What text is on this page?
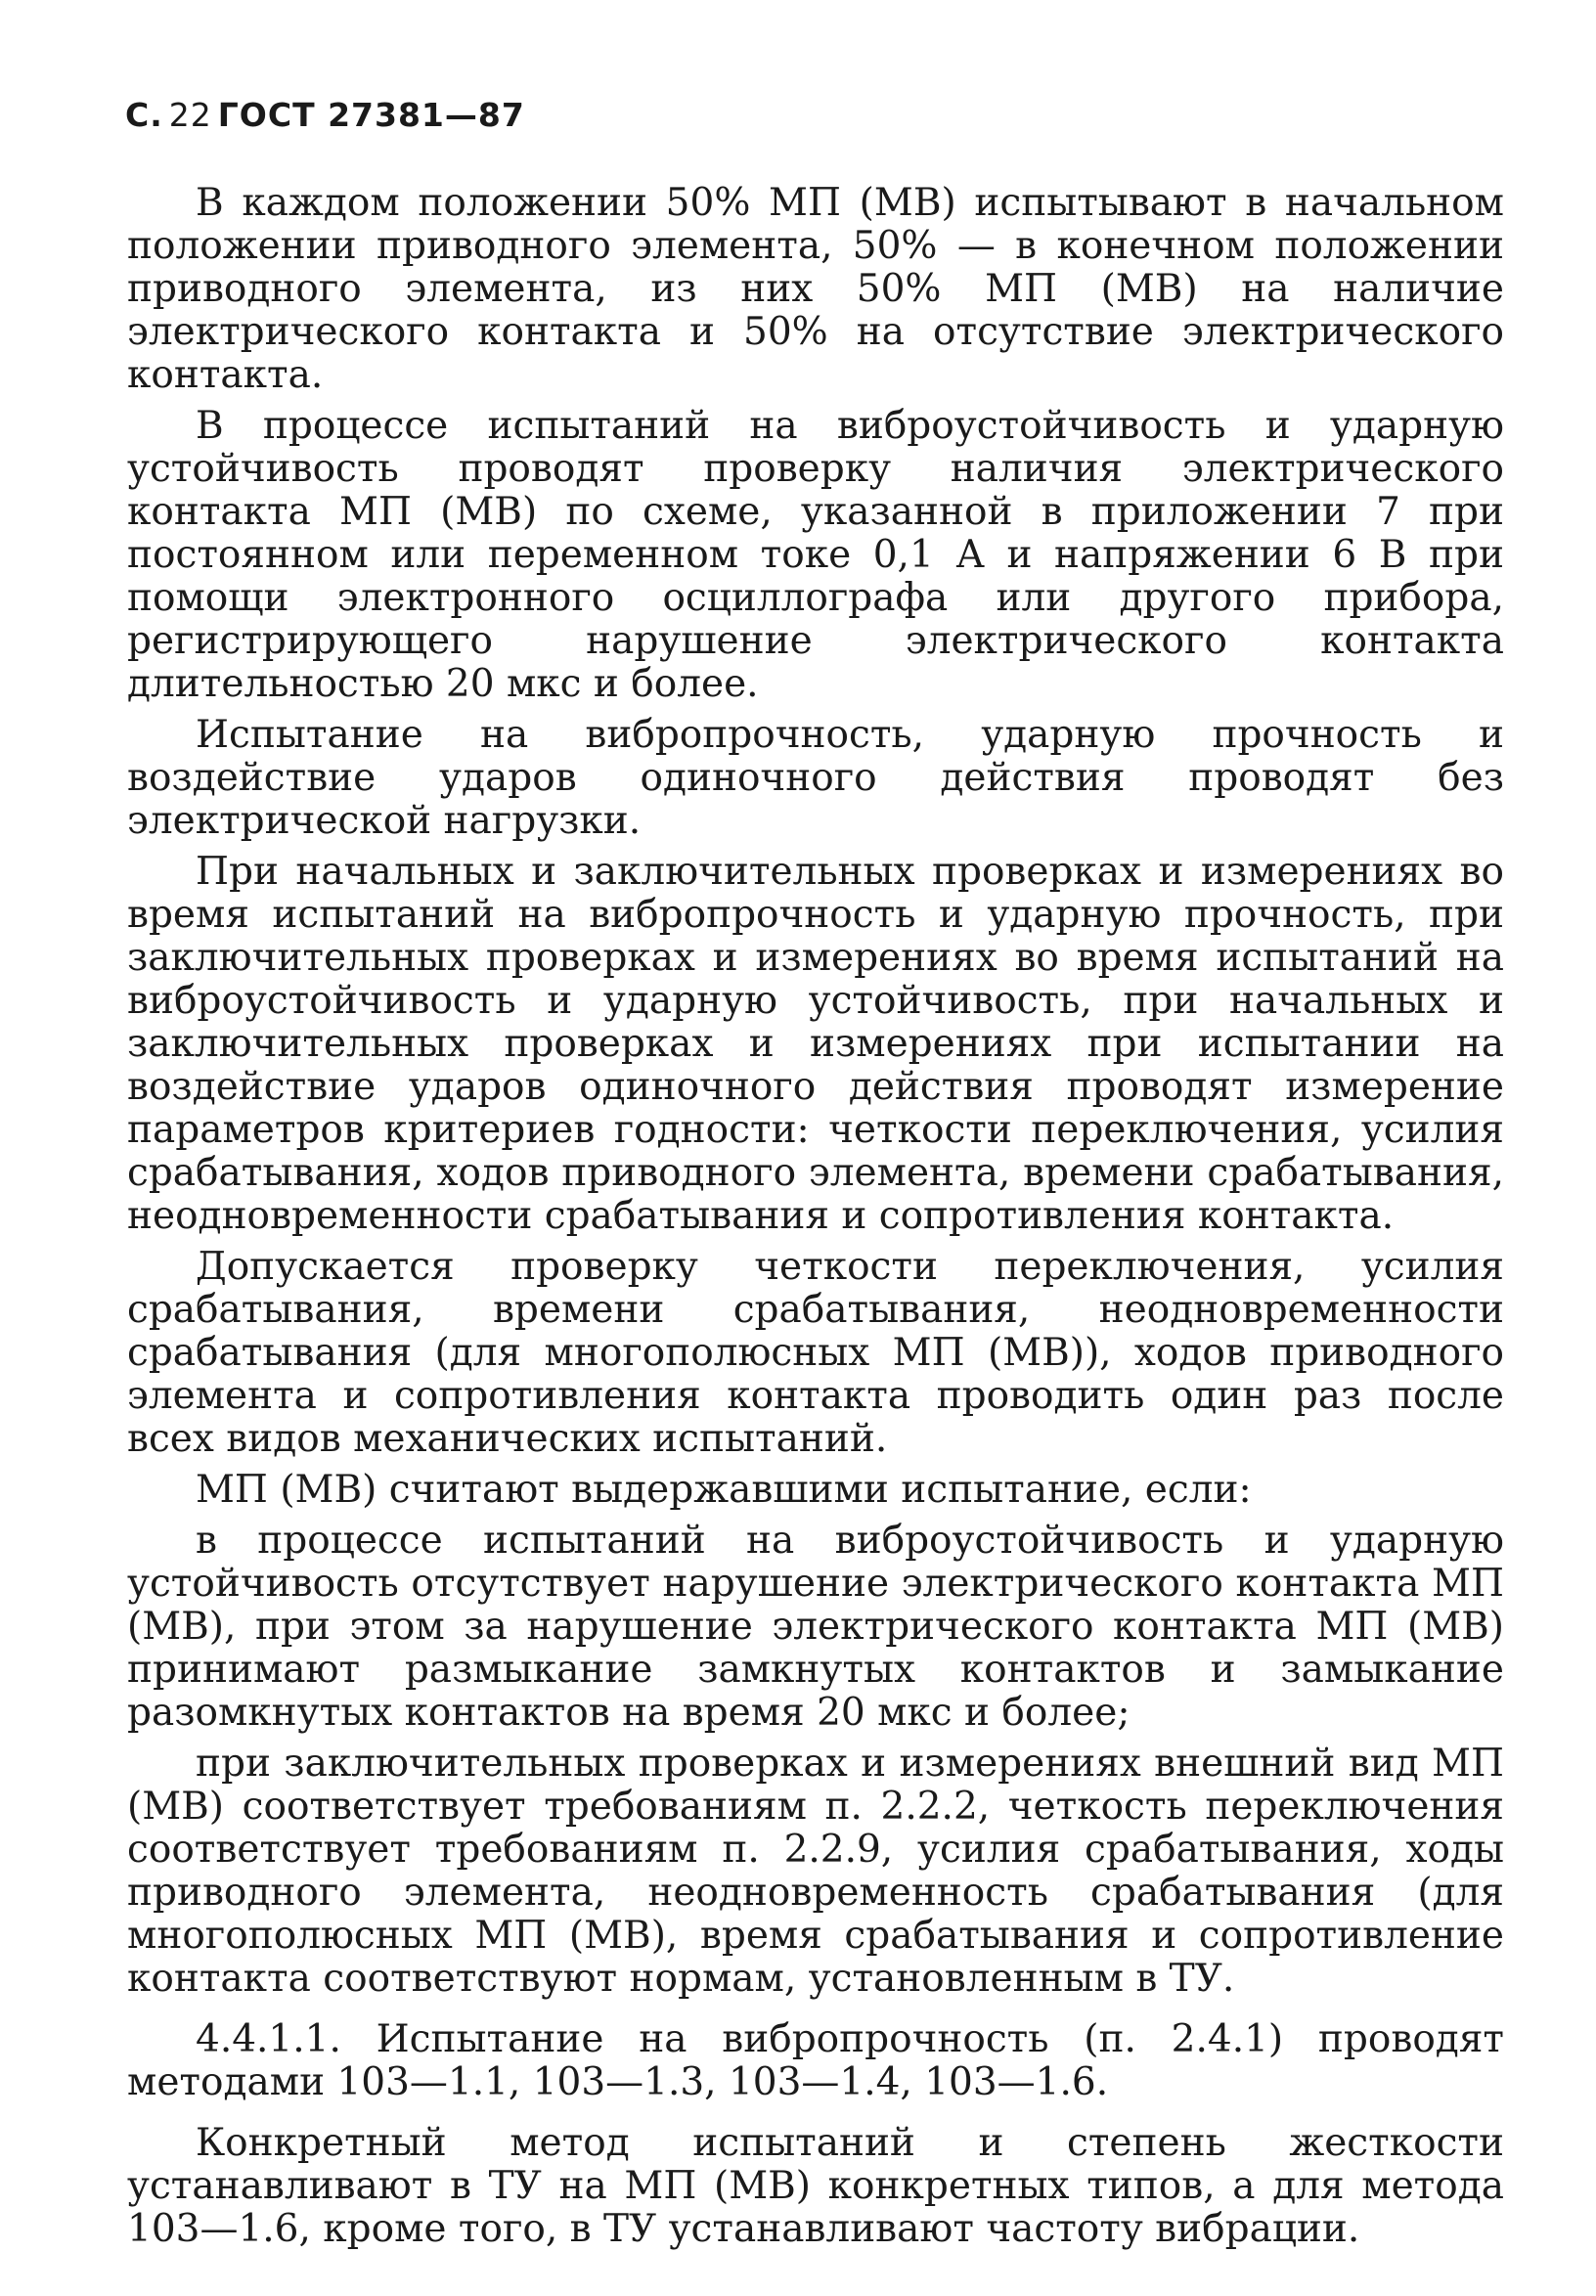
С. 22 ГОСТ 27381—87

В каждом положении 50% МП (МВ) испытывают в начальном положении приводного элемента, 50% — в конечном положении приводного элемента, из них 50% МП (МВ) на наличие электрического контакта и 50% на отсутствие электрического контакта.

В процессе испытаний на виброустойчивость и ударную устойчивость проводят проверку наличия электрического контакта МП (МВ) по схеме, указанной в приложении 7 при постоянном или переменном токе 0,1 А и напряжении 6 В при помощи электронного осциллографа или другого прибора, регистрирующего нарушение электрического контакта длительностью 20 мкс и более.

Испытание на вибропрочность, ударную прочность и воздействие ударов одиночного действия проводят без электрической нагрузки.

При начальных и заключительных проверках и измерениях во время испытаний на вибропрочность и ударную прочность, при заключительных проверках и измерениях во время испытаний на виброустойчивость и ударную устойчивость, при начальных и заключительных проверках и измерениях при испытании на воздействие ударов одиночного действия проводят измерение параметров критериев годности: четкости переключения, усилия срабатывания, ходов приводного элемента, времени срабатывания, неодновременности срабатывания и сопротивления контакта.

Допускается проверку четкости переключения, усилия срабатывания, времени срабатывания, неодновременности срабатывания (для многополюсных МП (МВ)), ходов приводного элемента и сопротивления контакта проводить один раз после всех видов механических испытаний.

МП (МВ) считают выдержавшими испытание, если:

в процессе испытаний на виброустойчивость и ударную устойчивость отсутствует нарушение электрического контакта МП (МВ), при этом за нарушение электрического контакта МП (МВ) принимают размыкание замкнутых контактов и замыкание разомкнутых контактов на время 20 мкс и более;

при заключительных проверках и измерениях внешний вид МП (МВ) соответствует требованиям п. 2.2.2, четкость переключения соответствует требованиям п. 2.2.9, усилия срабатывания, ходы приводного элемента, неодновременность срабатывания (для многополюсных МП (МВ), время срабатывания и сопротивление контакта соответствуют нормам, установленным в ТУ.

4.4.1.1. Испытание на вибропрочность (п. 2.4.1) проводят методами 103—1.1, 103—1.3, 103—1.4, 103—1.6.

Конкретный метод испытаний и степень жесткости устанавливают в ТУ на МП (МВ) конкретных типов, а для метода 103—1.6, кроме того, в ТУ устанавливают частоту вибрации.
